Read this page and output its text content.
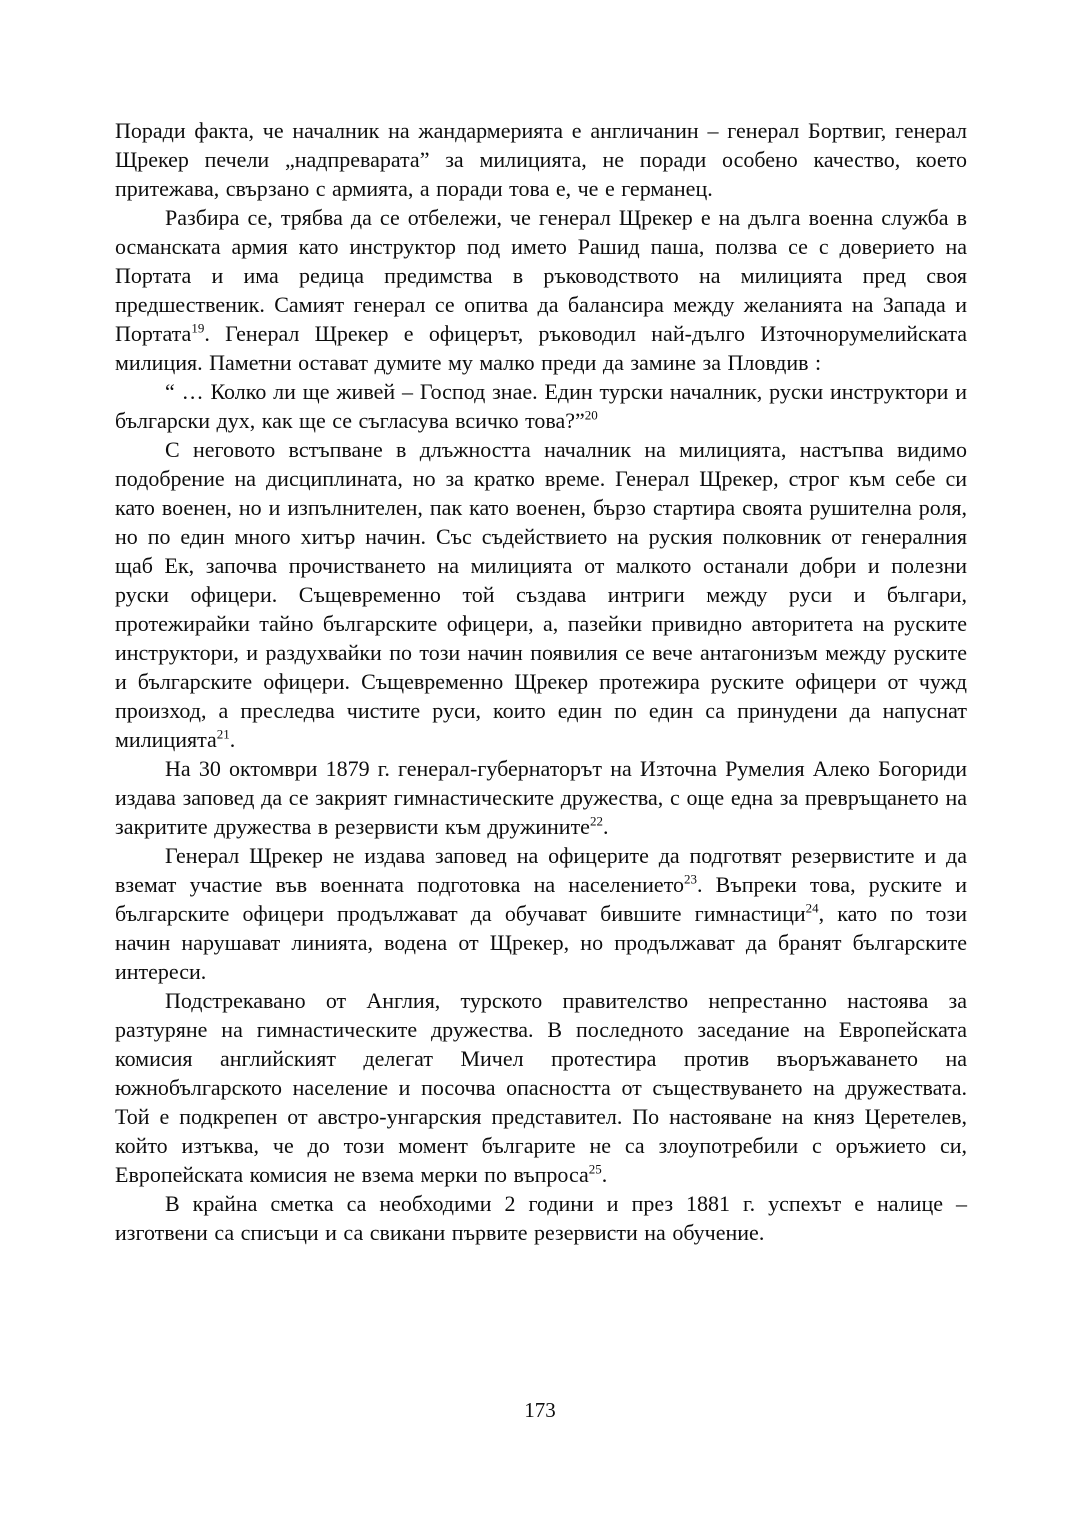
Поради факта, че началник на жандармерията е англичанин – генерал Бортвиг, генерал Щрекер печели „надпреварата” за милицията, не поради особено качество, което притежава, свързано с армията, а поради това е, че е германец.

Разбира се, трябва да се отбележи, че генерал Щрекер е на дълга военна служба в османската армия като инструктор под името Рашид паша, ползва се с доверието на Портата и има редица предимства в ръководството на милицията пред своя предшественик. Самият генерал се опитва да балансира между желанията на Запада и Портата$^{19}$. Генерал Щрекер е офицерът, ръководил най-дълго Източнорумелийската милиция. Паметни остават думите му малко преди да замине за Пловдив :

“ … Колко ли ще живей – Господ знае. Един турски началник, руски инструктори и български дух, как ще се съгласува всичко това?”$^{20}$

С неговото встъпване в длъжността началник на милицията, настъпва видимо подобрение на дисциплината, но за кратко време. Генерал Щрекер, строг към себе си като военен, но и изпълнителен, пак като военен, бързо стартира своята рушителна роля, но по един много хитър начин. Със съдействието на руския полковник от генералния щаб Ек, започва прочистването на милицията от малкото останали добри и полезни руски офицери. Същевременно той създава интриги между руси и българи, протежирайки тайно българските офицери, а, пазейки привидно авторитета на руските инструктори, и раздухвайки по този начин появилия се вече антагонизъм между руските и българските офицери. Същевременно Щрекер протежира руските офицери от чужд произход, а преследва чистите руси, които един по един са принудени да напуснат милицията$^{21}$.

На 30 октомври 1879 г. генерал-губернаторът на Източна Румелия Алеко Богориди издава заповед да се закрият гимнастическите дружества, с още една за превръщането на закритите дружества в резервисти към дружините$^{22}$.

Генерал Щрекер не издава заповед на офицерите да подготвят резервистите и да вземат участие във военната подготовка на населението$^{23}$. Въпреки това, руските и българските офицери продължават да обучават бившите гимнастици$^{24}$, като по този начин нарушават линията, водена от Щрекер, но продължават да бранят българските интереси.

Подстрекавано от Англия, турското правителство непрестанно настоява за разтуряне на гимнастическите дружества. В последното заседание на Европейската комисия английският делегат Мичел протестира против въоръжаването на южнобългарското население и посочва опасността от съществуването на дружествата. Той е подкрепен от австро-унгарския представител. По настояване на княз Церетелев, който изтъква, че до този момент българите не са злоупотребили с оръжието си, Европейската комисия не взема мерки по въпроса$^{25}$.

В крайна сметка са необходими 2 години и през 1881 г. успехът е налице – изготвени са списъци и са свикани първите резервисти на обучение.

173
